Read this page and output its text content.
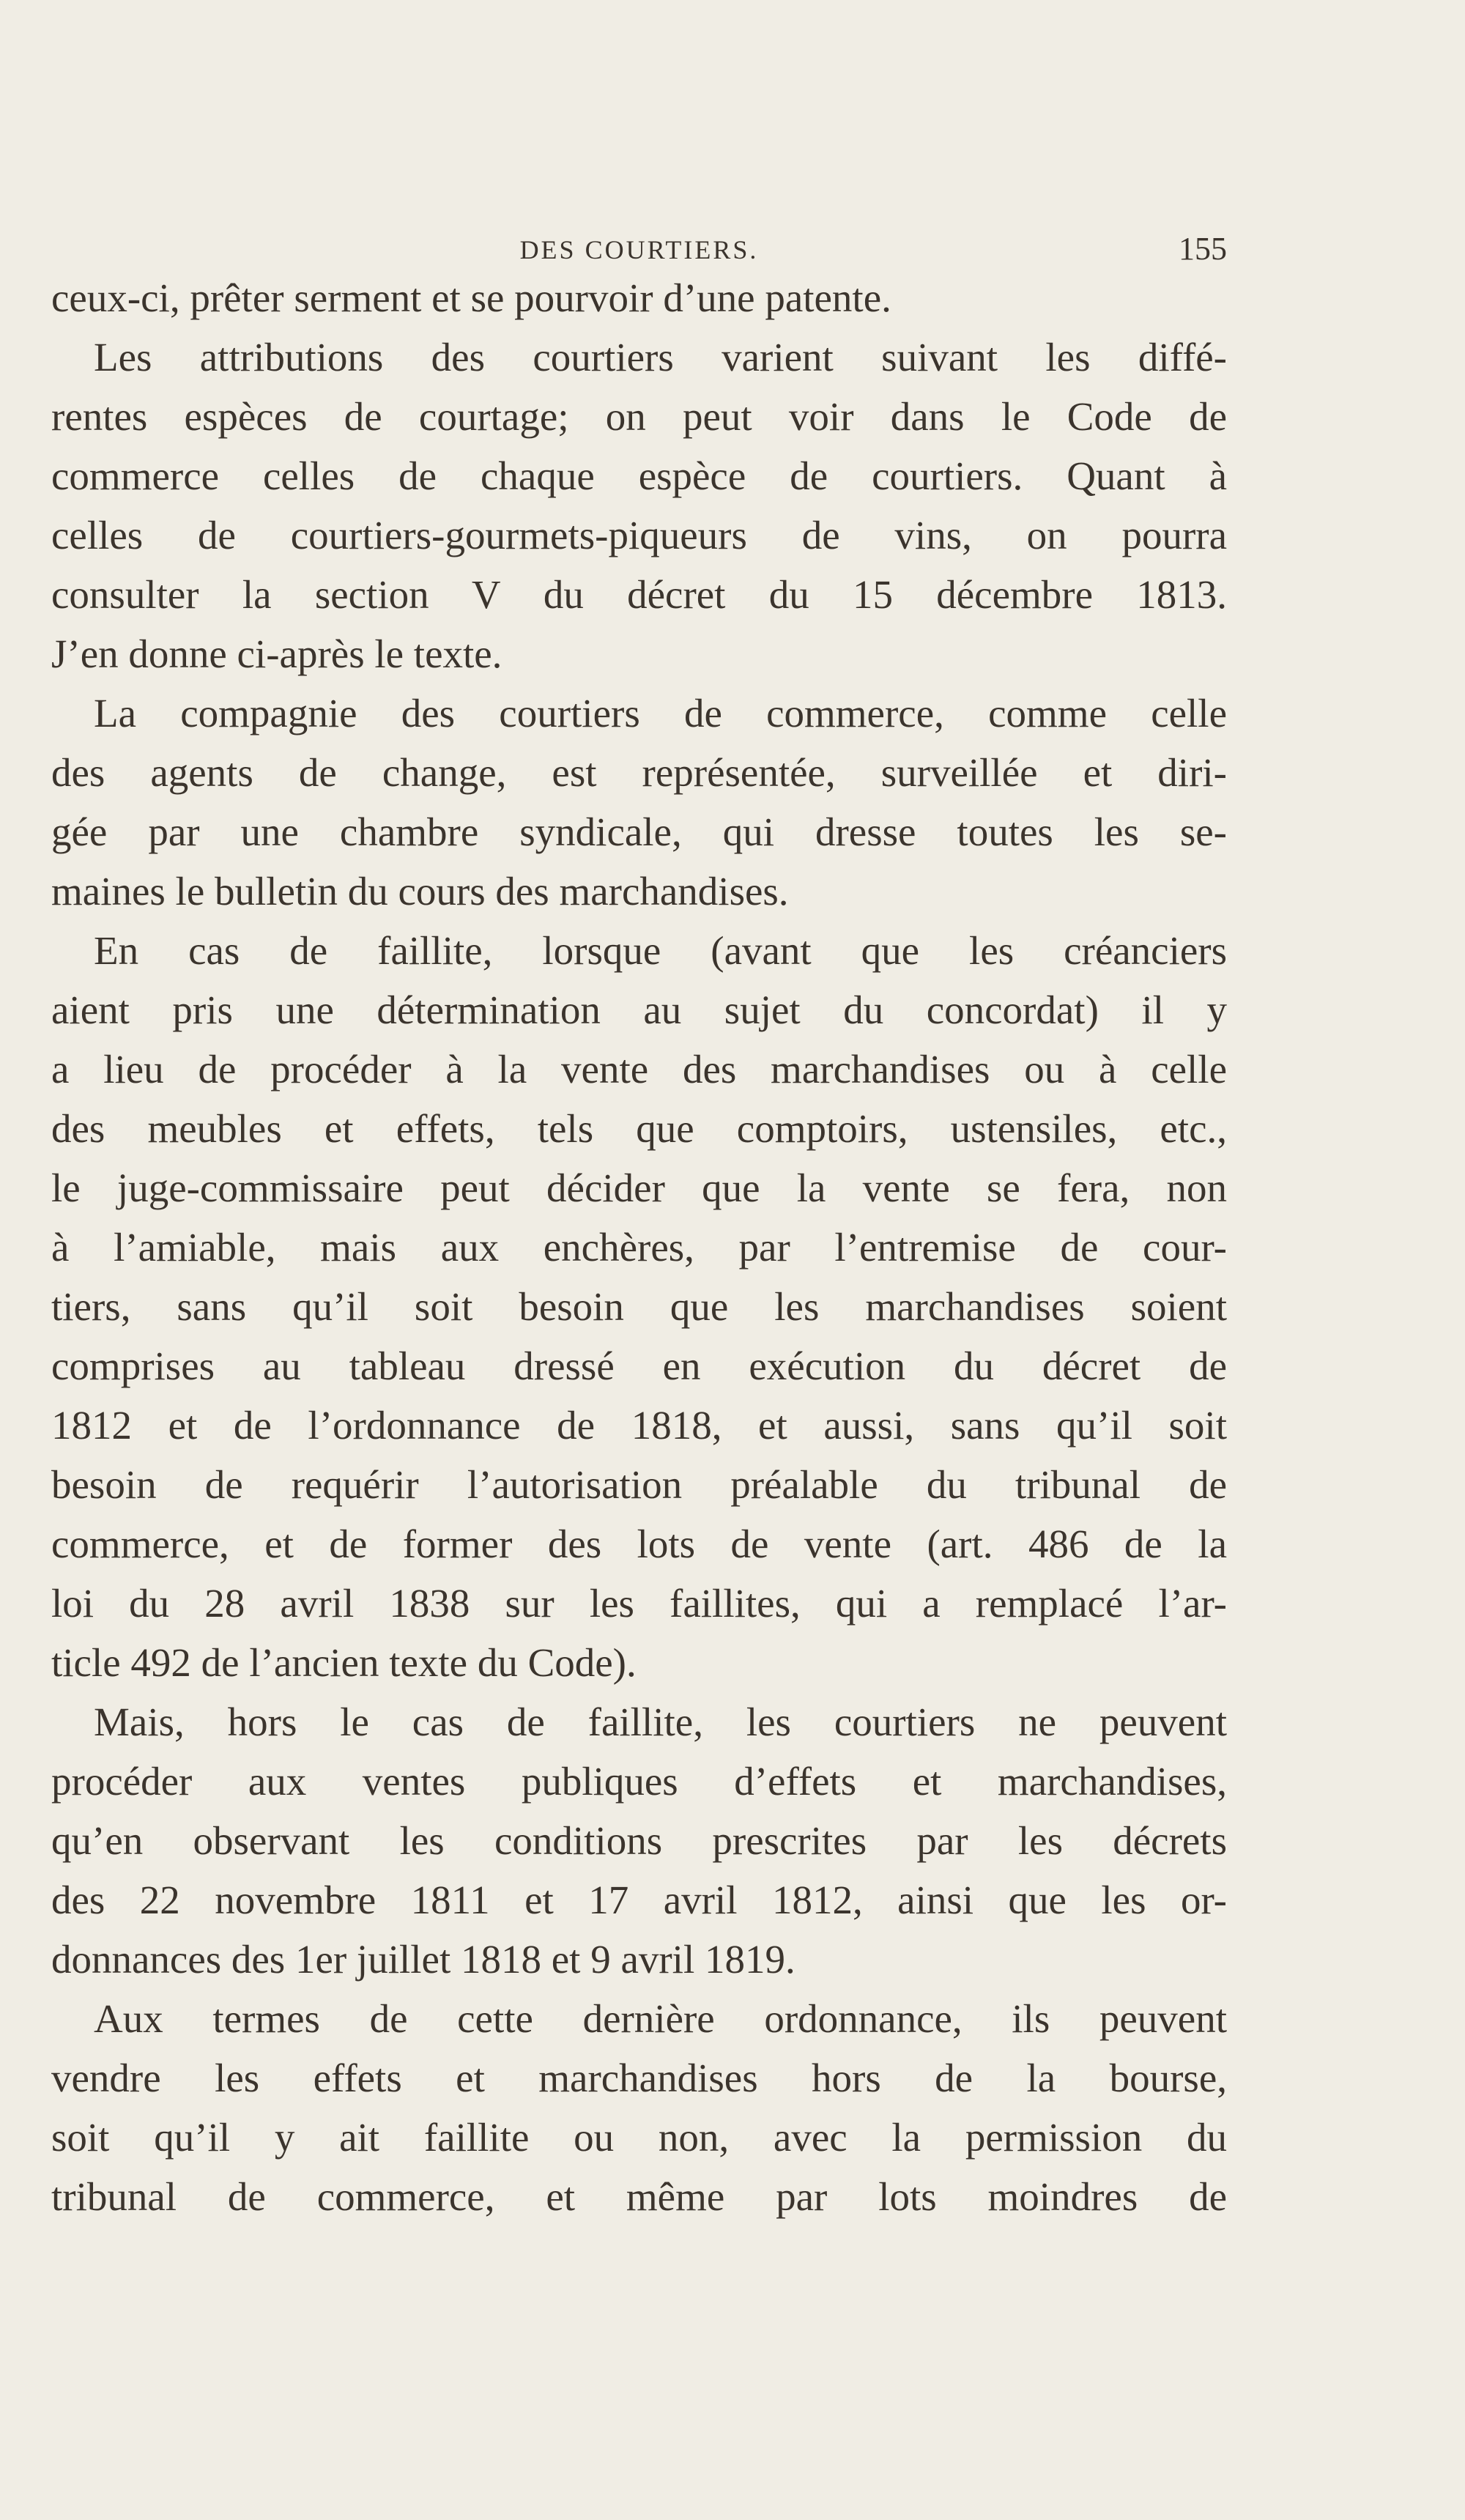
DES COURTIERS.	155
ceux-ci, prêter serment et se pourvoir d’une patente.
Les attributions des courtiers varient suivant les diffé-
rentes espèces de courtage; on peut voir dans le Code de
commerce celles de chaque espèce de courtiers. Quant à
celles de courtiers-gourmets-piqueurs de vins, on pourra
consulter la section V du décret du 15 décembre 1813.
J’en donne ci-après le texte.
La compagnie des courtiers de commerce, comme celle
des agents de change, est représentée, surveillée et diri-
gée par une chambre syndicale, qui dresse toutes les se-
maines le bulletin du cours des marchandises.
En cas de faillite, lorsque (avant que les créanciers
aient pris une détermination au sujet du concordat) il y
a lieu de procéder à la vente des marchandises ou à celle
des meubles et effets, tels que comptoirs, ustensiles, etc.,
le juge-commissaire peut décider que la vente se fera, non
à l’amiable, mais aux enchères, par l’entremise de cour-
tiers, sans qu’il soit besoin que les marchandises soient
comprises au tableau dressé en exécution du décret de
1812 et de l’ordonnance de 1818, et aussi, sans qu’il soit
besoin de requérir l’autorisation préalable du tribunal de
commerce, et de former des lots de vente (art. 486 de la
loi du 28 avril 1838 sur les faillites, qui a remplacé l’ar-
ticle 492 de l’ancien texte du Code).
Mais, hors le cas de faillite, les courtiers ne peuvent
procéder aux ventes publiques d’effets et marchandises,
qu’en observant les conditions prescrites par les décrets
des 22 novembre 1811 et 17 avril 1812, ainsi que les or-
donnances des 1er juillet 1818 et 9 avril 1819.
Aux termes de cette dernière ordonnance, ils peuvent
vendre les effets et marchandises hors de la bourse,
soit qu’il y ait faillite ou non, avec la permission du
tribunal de commerce, et même par lots moindres de
